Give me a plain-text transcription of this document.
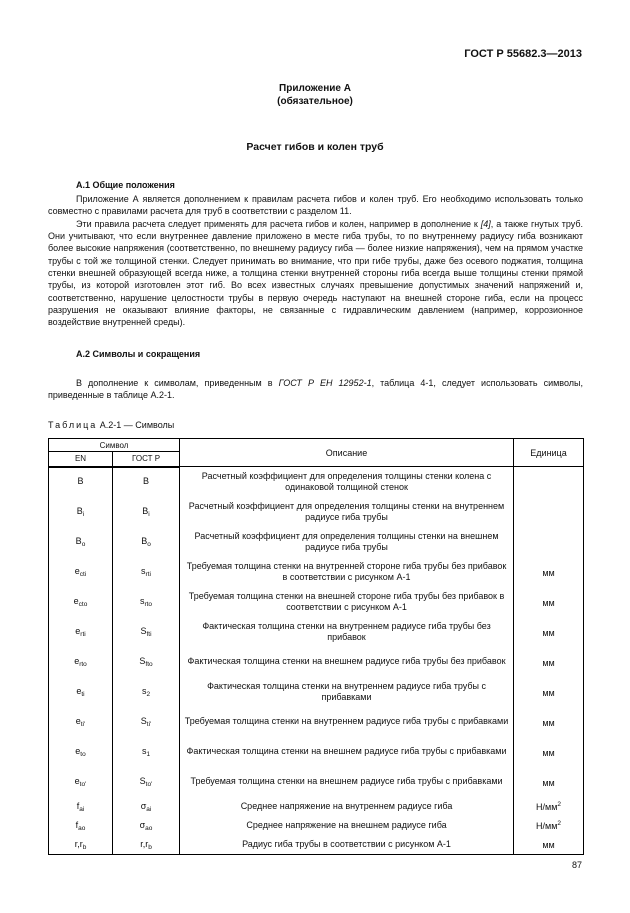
ГОСТ Р 55682.3—2013
Приложение А
(обязательное)
Расчет гибов и колен труб
А.1 Общие положения

Приложение А является дополнением к правилам расчета гибов и колен труб. Его необходимо использовать только совместно с правилами расчета для труб в соответствии с разделом 11.

Эти правила расчета следует применять для расчета гибов и колен, например в дополнение к [4], а также гнутых труб. Они учитывают, что если внутреннее давление приложено в месте гиба трубы, то по внутреннему радиусу гиба возникают более высокие напряжения (соответственно, по внешнему радиусу гиба — более низкие напряжения), чем на прямом участке трубы с той же толщиной стенки. Следует принимать во внимание, что при гибе трубы, даже без осевого поджатия, толщина стенки внешней образующей всегда ниже, а толщина стенки внутренней стороны гиба всегда выше толщины стенки прямой трубы, из которой изготовлен этот гиб. Во всех известных случаях превышение допустимых значений напряжений и, соответственно, нарушение целостности трубы в первую очередь наступают на внешней стороне гиба, если на процесс разрушения не оказывают влияние факторы, не связанные с гидравлическим давлением (например, коррозионное воздействие внутренней среды).

А.2 Символы и сокращения

В дополнение к символам, приведенным в ГОСТ Р ЕН 12952-1, таблица 4-1, следует использовать символы, приведенные в таблице А.2-1.

Таблица А.2-1 — Символы
Символ		Описание	Единица
EN	ГОСТ Р		
B	B	Расчетный коэффициент для определения толщины стенки колена с одинаковой толщиной стенок	
$B_i$	$B_i$	Расчетный коэффициент для определения толщины стенки на внутреннем радиусе гиба трубы	
$B_o$	$B_o$	Расчетный коэффициент для определения толщины стенки на внешнем радиусе гиба трубы	
$e_{cti}$	$s_{rti}$	Требуемая толщина стенки на внутренней стороне гиба трубы без прибавок в соответствии с рисунком А-1	мм
$e_{cto}$	$s_{rto}$	Требуемая толщина стенки на внешней стороне гиба трубы без прибавок в соответствии с рисунком А-1	мм
$e_{rti}$	$S_{fti}$	Фактическая толщина стенки на внутреннем радиусе гиба трубы без прибавок	мм
$e_{rto}$	$S_{fto}$	Фактическая толщина стенки на внешнем радиусе гиба трубы без прибавок	мм
$e_{ti}$	$s_2$	Фактическая толщина стенки на внутреннем радиусе гиба трубы с прибавками	мм
$e_{ti'}$	$S_{ti'}$	Требуемая толщина стенки на внутреннем радиусе гиба трубы с прибавками	мм
$e_{to}$	$s_1$	Фактическая толщина стенки на внешнем радиусе гиба трубы с прибавками	мм
$e_{to'}$	$S_{to'}$	Требуемая толщина стенки на внешнем радиусе гиба трубы с прибавками	мм
$f_{ai}$	$\sigma_{ai}$	Среднее напряжение на внутреннем радиусе гиба	$Н/мм^2$
$f_{ao}$	$\sigma_{ao}$	Среднее напряжение на внешнем радиусе гиба	$Н/мм^2$
$r,r_b$	$r,r_b$	Радиус гиба трубы в соответствии с рисунком А-1	мм
87
